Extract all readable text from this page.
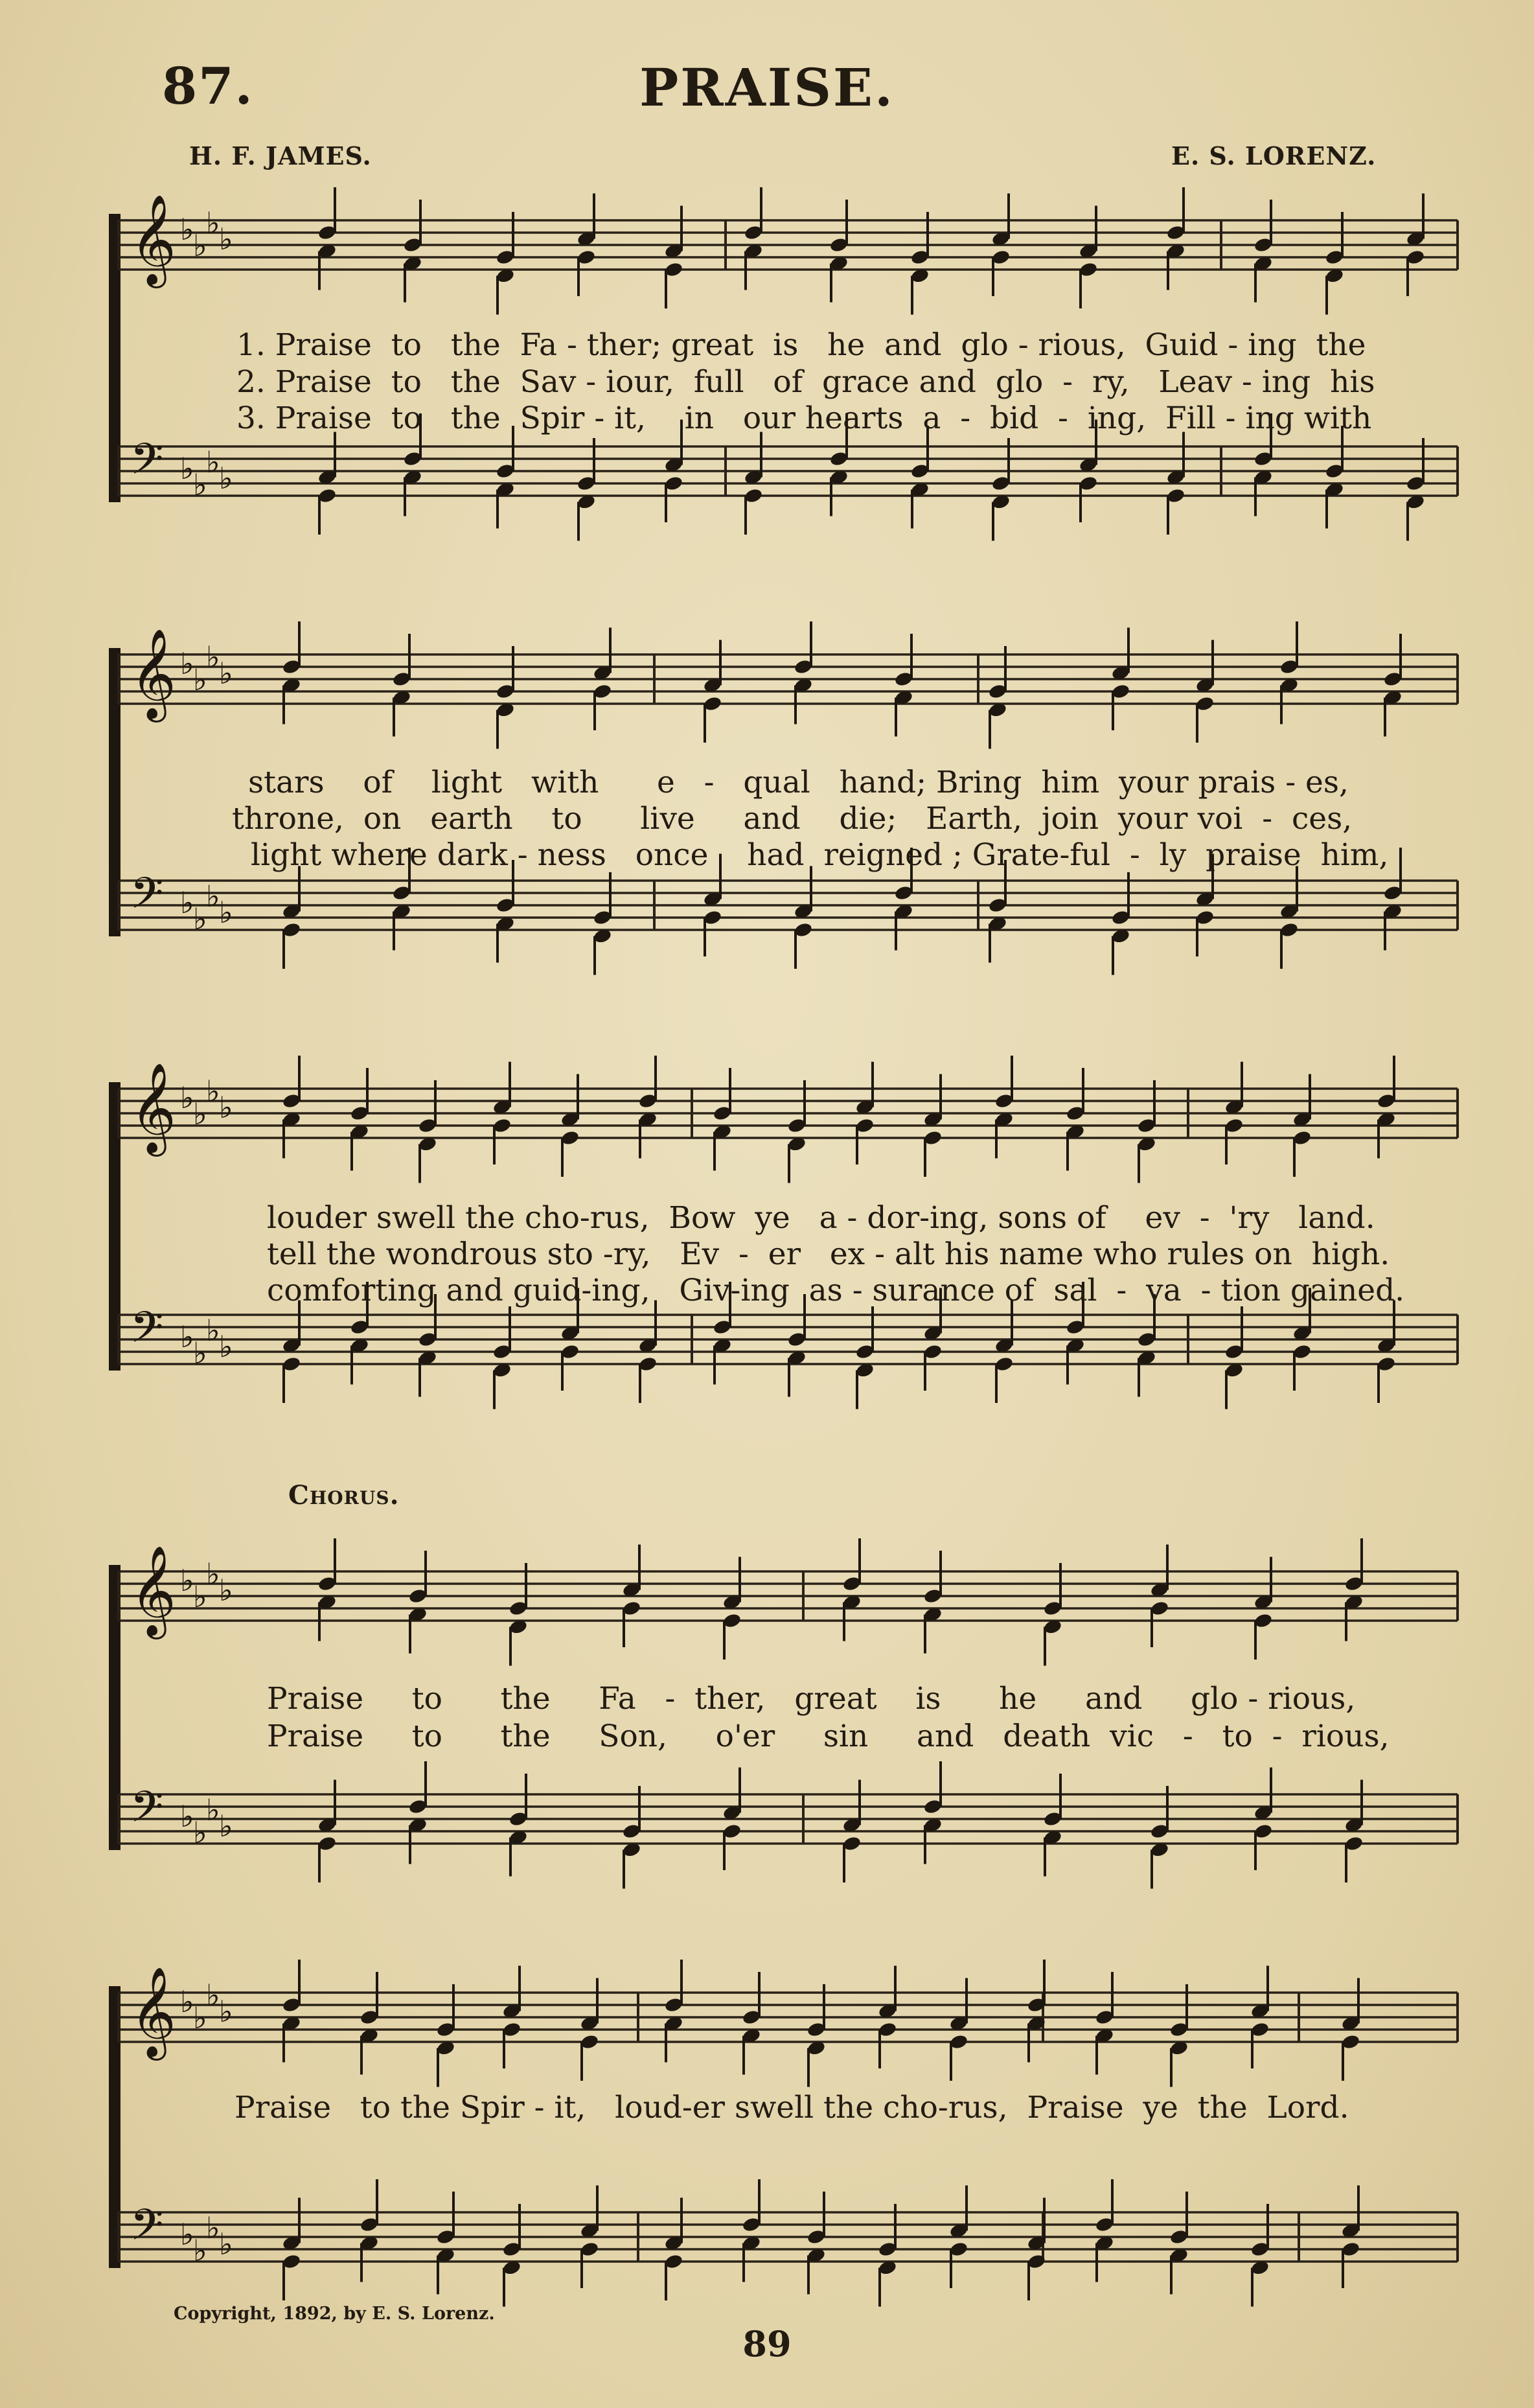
𝄞 ♭
♭
♭
♭
𝄢 ♭
♭
♭
♭
𝄞 ♭
♭
♭
♭
𝄢 ♭
♭
♭
♭
𝄞 ♭
♭
♭
♭
𝄢 ♭
♭
♭
♭
𝄞 ♭
♭
♭
♭
𝄢 ♭
♭
♭
♭
𝄞 ♭
♭
♭
♭
𝄢 ♭
♭
♭
♭
87.	PRAISE.
H. F. JAMES.	E. S. LORENZ.
1. Praise  to   the  Fa - ther; great  is   he  and  glo - rious,  Guid - ing  the
2. Praise  to   the  Sav - iour,  full   of  grace and  glo  -  ry,   Leav - ing  his
3. Praise  to   the  Spir - it,    in   our hearts  a  -  bid  -  ing,  Fill - ing with
stars    of    light   with      e   -   qual   hand; Bring  him  your prais - es,
throne,  on   earth    to      live     and    die;   Earth,  join  your voi  -  ces,
light where dark - ness   once    had  reigned ; Grate-ful  -  ly  praise  him,
louder swell the cho-rus,  Bow  ye   a - dor-ing, sons of    ev  -  'ry   land.
tell the wondrous sto -ry,   Ev  -  er   ex - alt his name who rules on  high.
comforting and guid-ing,   Giv-ing  as - surance of  sal  -  va  - tion gained.
Chorus.
Praise     to      the     Fa   -  ther,   great    is      he     and     glo - rious,
Praise     to      the     Son,     o'er     sin     and   death  vic   -   to  -  rious,
Praise   to the Spir - it,   loud-er swell the cho-rus,  Praise  ye  the  Lord.
Copyright, 1892, by E. S. Lorenz.
89
